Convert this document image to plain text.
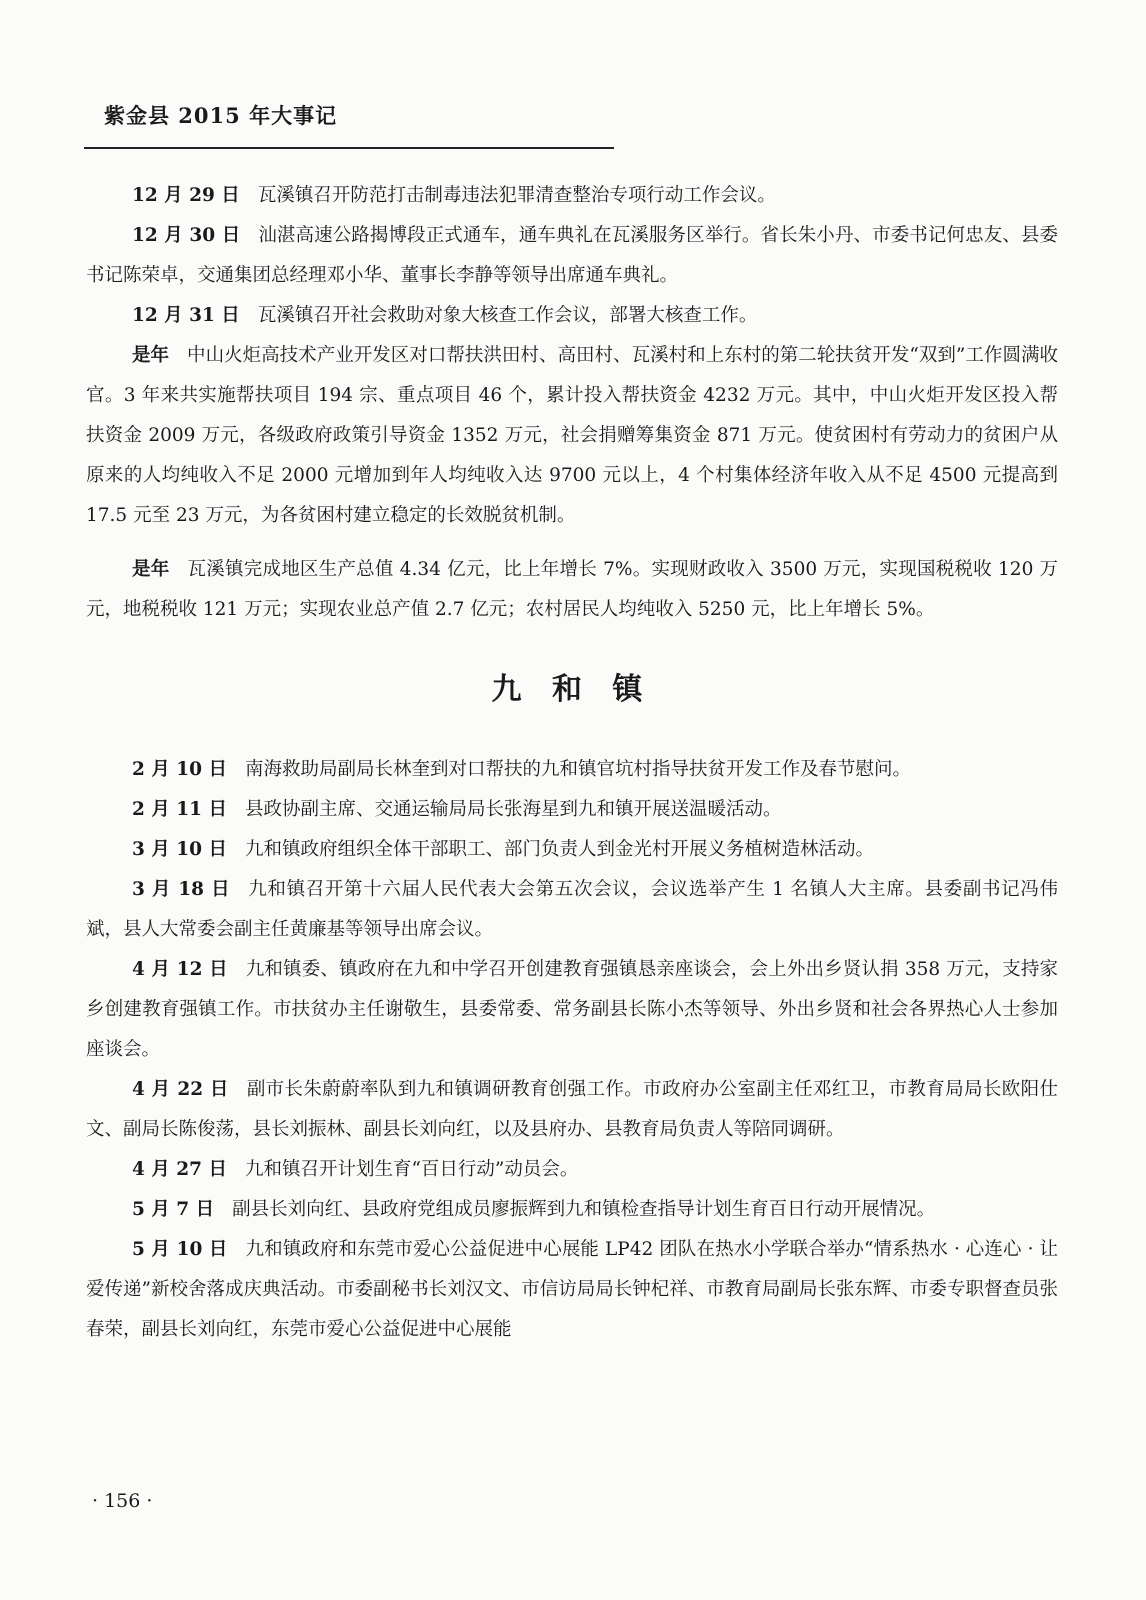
紫金县 2015 年大事记

12 月 29 日 瓦溪镇召开防范打击制毒违法犯罪清查整治专项行动工作会议。

12 月 30 日 汕湛高速公路揭博段正式通车，通车典礼在瓦溪服务区举行。省长朱小丹、市委书记何忠友、县委书记陈荣卓，交通集团总经理邓小华、董事长李静等领导出席通车典礼。

12 月 31 日 瓦溪镇召开社会救助对象大核查工作会议，部署大核查工作。

是年 中山火炬高技术产业开发区对口帮扶洪田村、高田村、瓦溪村和上东村的第二轮扶贫开发“双到”工作圆满收官。3 年来共实施帮扶项目 194 宗、重点项目 46 个，累计投入帮扶资金 4232 万元。其中，中山火炬开发区投入帮扶资金 2009 万元，各级政府政策引导资金 1352 万元，社会捐赠筹集资金 871 万元。使贫困村有劳动力的贫困户从原来的人均纯收入不足 2000 元增加到年人均纯收入达 9700 元以上，4 个村集体经济年收入从不足 4500 元提高到 17.5 元至 23 万元，为各贫困村建立稳定的长效脱贫机制。

是年 瓦溪镇完成地区生产总值 4.34 亿元，比上年增长 7%。实现财政收入 3500 万元，实现国税税收 120 万元，地税税收 121 万元；实现农业总产值 2.7 亿元；农村居民人均纯收入 5250 元，比上年增长 5%。

九 和 镇

2 月 10 日 南海救助局副局长林奎到对口帮扶的九和镇官坑村指导扶贫开发工作及春节慰问。

2 月 11 日 县政协副主席、交通运输局局长张海星到九和镇开展送温暖活动。

3 月 10 日 九和镇政府组织全体干部职工、部门负责人到金光村开展义务植树造林活动。

3 月 18 日 九和镇召开第十六届人民代表大会第五次会议，会议选举产生 1 名镇人大主席。县委副书记冯伟斌，县人大常委会副主任黄廉基等领导出席会议。

4 月 12 日 九和镇委、镇政府在九和中学召开创建教育强镇恳亲座谈会，会上外出乡贤认捐 358 万元，支持家乡创建教育强镇工作。市扶贫办主任谢敬生，县委常委、常务副县长陈小杰等领导、外出乡贤和社会各界热心人士参加座谈会。

4 月 22 日 副市长朱蔚蔚率队到九和镇调研教育创强工作。市政府办公室副主任邓红卫，市教育局局长欧阳仕文、副局长陈俊荡，县长刘振林、副县长刘向红，以及县府办、县教育局负责人等陪同调研。

4 月 27 日 九和镇召开计划生育“百日行动”动员会。

5 月 7 日 副县长刘向红、县政府党组成员廖振辉到九和镇检查指导计划生育百日行动开展情况。

5 月 10 日 九和镇政府和东莞市爱心公益促进中心展能 LP42 团队在热水小学联合举办“情系热水 · 心连心 · 让爱传递”新校舍落成庆典活动。市委副秘书长刘汉文、市信访局局长钟杞祥、市教育局副局长张东辉、市委专职督查员张春荣，副县长刘向红，东莞市爱心公益促进中心展能

· 156 ·
